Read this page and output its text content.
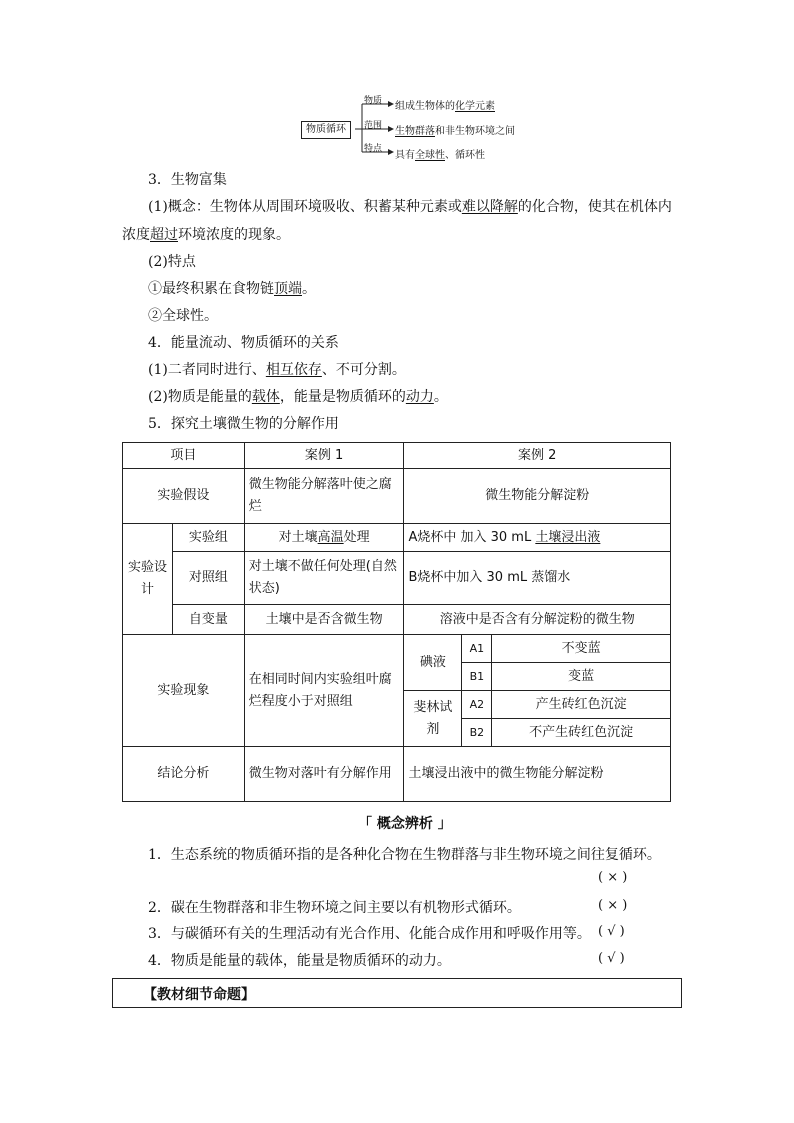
物质循环
物质
范围
特点
组成生物体的化学元素
生物群落和非生物环境之间
具有全球性、循环性
3．生物富集
(1)概念：生物体从周围环境吸收、积蓄某种元素或难以降解的化合物，使其在机体内
浓度超过环境浓度的现象。
(2)特点
①最终积累在食物链顶端。
②全球性。
4．能量流动、物质循环的关系
(1)二者同时进行、相互依存、不可分割。
(2)物质是能量的载体，能量是物质循环的动力。
5．探究土壤微生物的分解作用
项目		案例 1	案例 2		
实验假设		微生物能分解落叶使之腐烂	微生物能分解淀粉		
实验设计	实验组	对土壤高温处理	A烧杯中 加入 30 mL 土壤浸出液		
	对照组	对土壤不做任何处理(自然状态)	B烧杯中加入 30 mL 蒸馏水		
	自变量	土壤中是否含微生物	溶液中是否含有分解淀粉的微生物		
实验现象		在相同时间内实验组叶腐烂程度小于对照组	碘液	A1	不变蓝
				B1	变蓝
			斐林试剂	A2	产生砖红色沉淀
				B2	不产生砖红色沉淀
结论分析		微生物对落叶有分解作用	土壤浸出液中的微生物能分解淀粉		
「 概念辨析 」
1．生态系统的物质循环指的是各种化合物在生物群落与非生物环境之间往复循环。
( × )
2．碳在生物群落和非生物环境之间主要以有机物形式循环。	( × )
3．与碳循环有关的生理活动有光合作用、化能合成作用和呼吸作用等。 ( √ )
4．物质是能量的载体，能量是物质循环的动力。	( √ )
【教材细节命题】
